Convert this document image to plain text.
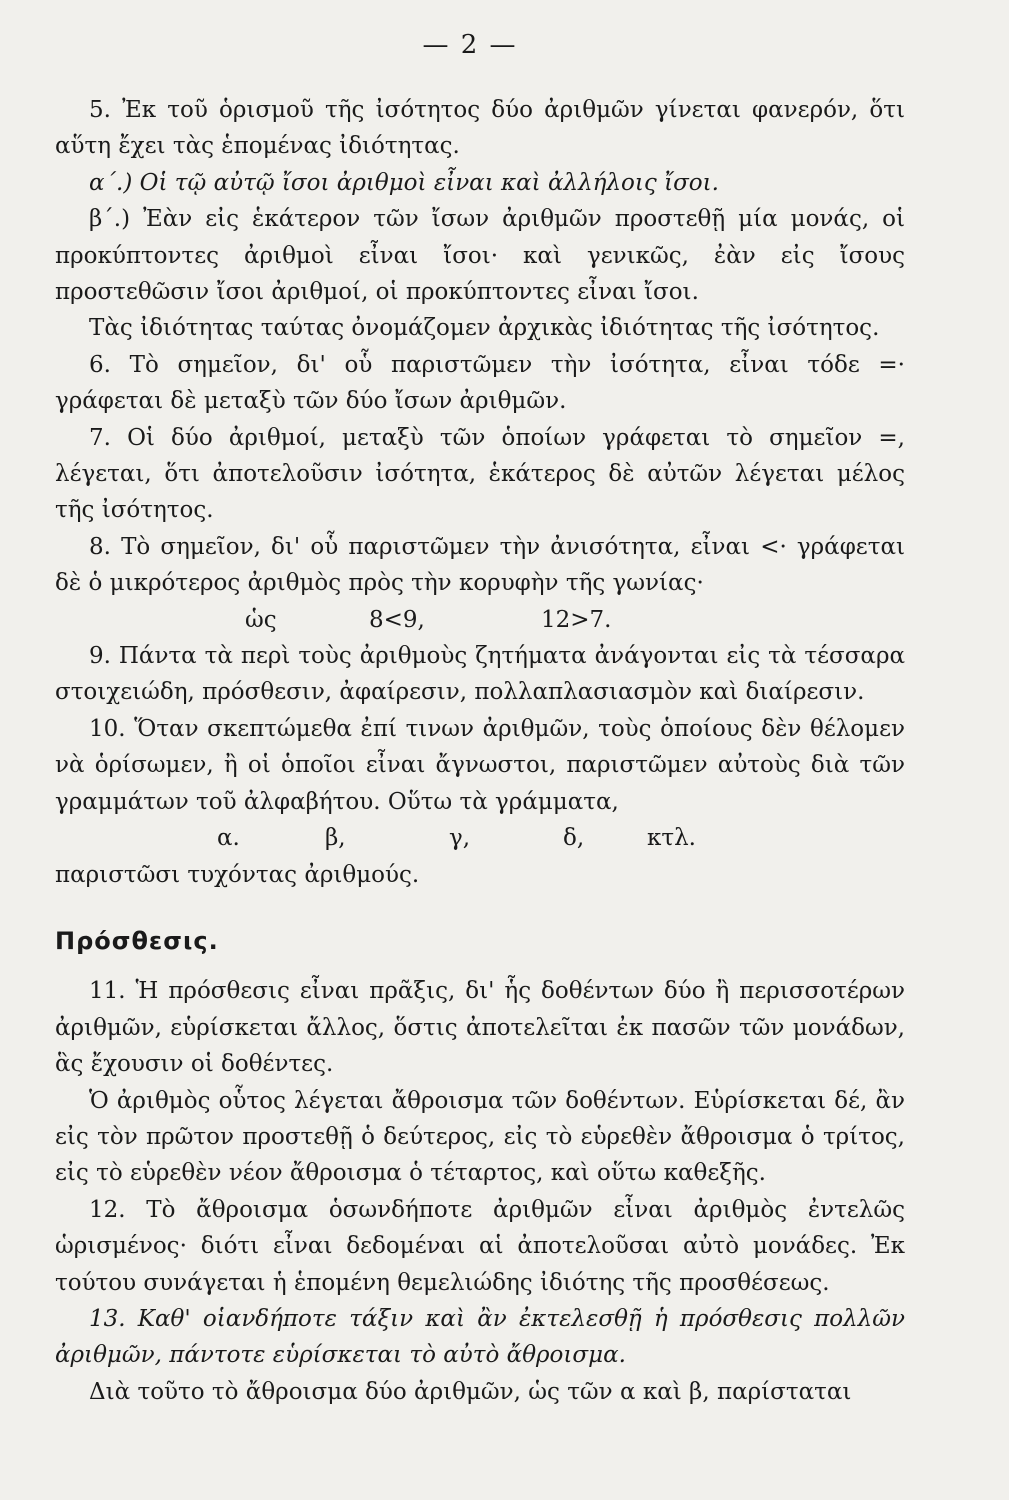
— 2 —

5. Ἐκ τοῦ ὁρισμοῦ τῆς ἰσότητος δύο ἀριθμῶν γίνεται φανερόν, ὅτι αὕτη ἔχει τὰς ἑπομένας ἰδιότητας.

α΄.) Οἱ τῷ αὐτῷ ἴσοι ἀριθμοὶ εἶναι καὶ ἀλλήλοις ἴσοι.

β΄.) Ἐὰν εἰς ἑκάτερον τῶν ἴσων ἀριθμῶν προστεθῇ μία μονάς, οἱ προκύπτοντες ἀριθμοὶ εἶναι ἴσοι· καὶ γενικῶς, ἐὰν εἰς ἴσους προστεθῶσιν ἴσοι ἀριθμοί, οἱ προκύπτοντες εἶναι ἴσοι.

Τὰς ἰδιότητας ταύτας ὀνομάζομεν ἀρχικὰς ἰδιότητας τῆς ἰσότητος.

6. Τὸ σημεῖον, δι' οὗ παριστῶμεν τὴν ἰσότητα, εἶναι τόδε =· γράφεται δὲ μεταξὺ τῶν δύο ἴσων ἀριθμῶν.

7. Οἱ δύο ἀριθμοί, μεταξὺ τῶν ὁποίων γράφεται τὸ σημεῖον =, λέγεται, ὅτι ἀποτελοῦσιν ἰσότητα, ἑκάτερος δὲ αὐτῶν λέγεται μέλος τῆς ἰσότητος.

8. Τὸ σημεῖον, δι' οὗ παριστῶμεν τὴν ἀνισότητα, εἶναι <· γράφεται δὲ ὁ μικρότερος ἀριθμὸς πρὸς τὴν κορυφὴν τῆς γωνίας·

ὡς	8<9,	12>7.

9. Πάντα τὰ περὶ τοὺς ἀριθμοὺς ζητήματα ἀνάγονται εἰς τὰ τέσσαρα στοιχειώδη, πρόσθεσιν, ἀφαίρεσιν, πολλαπλασιασμὸν καὶ διαίρεσιν.

10. Ὅταν σκεπτώμεθα ἐπί τινων ἀριθμῶν, τοὺς ὁποίους δὲν θέλομεν νὰ ὁρίσωμεν, ἢ οἱ ὁποῖοι εἶναι ἄγνωστοι, παριστῶμεν αὐτοὺς διὰ τῶν γραμμάτων τοῦ ἀλφαβήτου. Οὕτω τὰ γράμματα,

α.	β,	γ,	δ,	κτλ.

παριστῶσι τυχόντας ἀριθμούς.

Πρόσθεσις.

11. Ἡ πρόσθεσις εἶναι πρᾶξις, δι' ἧς δοθέντων δύο ἢ περισσοτέρων ἀριθμῶν, εὑρίσκεται ἄλλος, ὅστις ἀποτελεῖται ἐκ πασῶν τῶν μονάδων, ἃς ἔχουσιν οἱ δοθέντες.

Ὁ ἀριθμὸς οὗτος λέγεται ἄθροισμα τῶν δοθέντων. Εὑρίσκεται δέ, ἂν εἰς τὸν πρῶτον προστεθῇ ὁ δεύτερος, εἰς τὸ εὑρεθὲν ἄθροισμα ὁ τρίτος, εἰς τὸ εὑρεθὲν νέον ἄθροισμα ὁ τέταρτος, καὶ οὕτω καθεξῆς.

12. Τὸ ἄθροισμα ὁσωνδήποτε ἀριθμῶν εἶναι ἀριθμὸς ἐντελῶς ὡρισμένος· διότι εἶναι δεδομέναι αἱ ἀποτελοῦσαι αὐτὸ μονάδες. Ἐκ τούτου συνάγεται ἡ ἑπομένη θεμελιώδης ἰδιότης τῆς προσθέσεως.

13. Καθ' οἱανδήποτε τάξιν καὶ ἂν ἐκτελεσθῇ ἡ πρόσθεσις πολλῶν ἀριθμῶν, πάντοτε εὑρίσκεται τὸ αὐτὸ ἄθροισμα.

Διὰ τοῦτο τὸ ἄθροισμα δύο ἀριθμῶν, ὡς τῶν α καὶ β, παρίσταται
